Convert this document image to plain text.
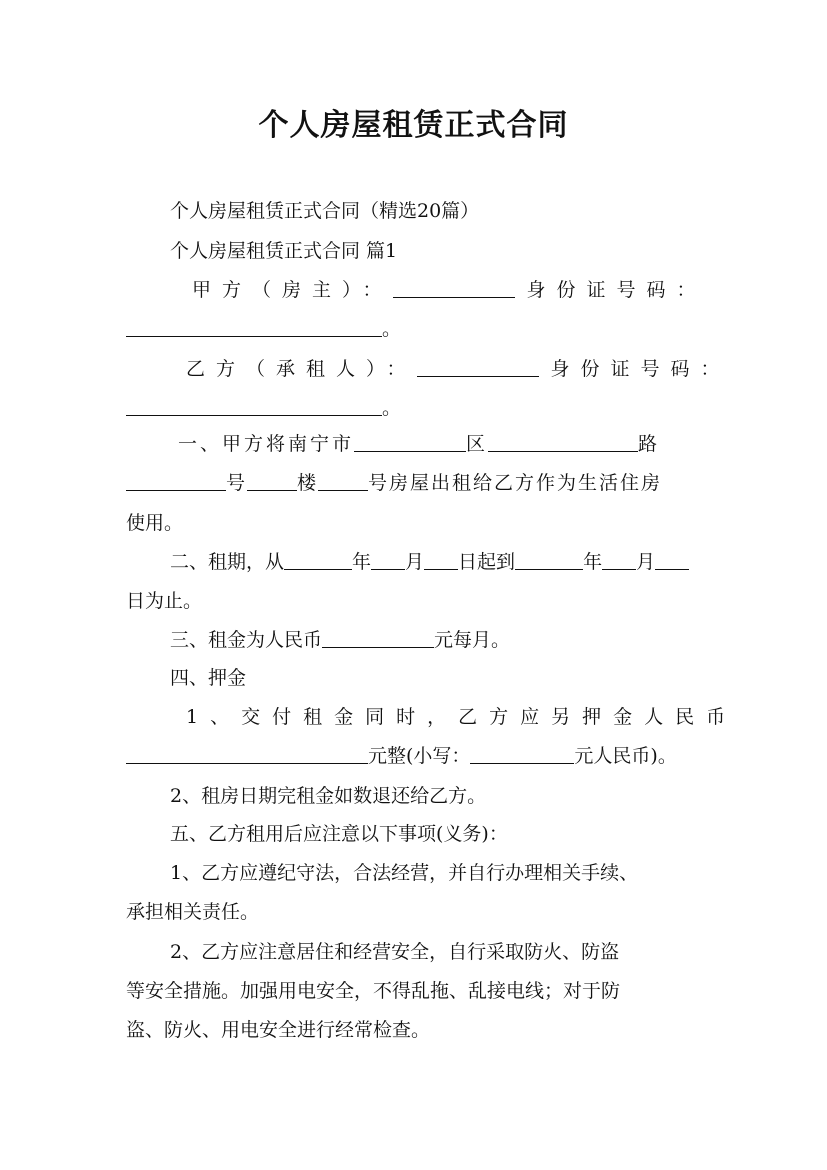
个人房屋租赁正式合同
个人房屋租赁正式合同（精选20篇）
个人房屋租赁正式合同 篇1
甲方（房主）：	身份证号码：
。
乙方（承租人）：	身份证号码：
。
一、甲方将南宁市	区	路
号	楼	号房屋出租给乙方作为生活住房
使用。
二、租期，从	年 月 日起到	年 月
日为止。
三、租金为人民币	元每月。
四、押金
1、交付租金同时，乙方应另押金人民币
元整(小写：	元人民币)。
2、租房日期完租金如数退还给乙方。
五、乙方租用后应注意以下事项(义务)：
1、乙方应遵纪守法，合法经营，并自行办理相关手续、
承担相关责任。
2、乙方应注意居住和经营安全，自行采取防火、防盗
等安全措施。加强用电安全，不得乱拖、乱接电线；对于防
盗、防火、用电安全进行经常检查。
